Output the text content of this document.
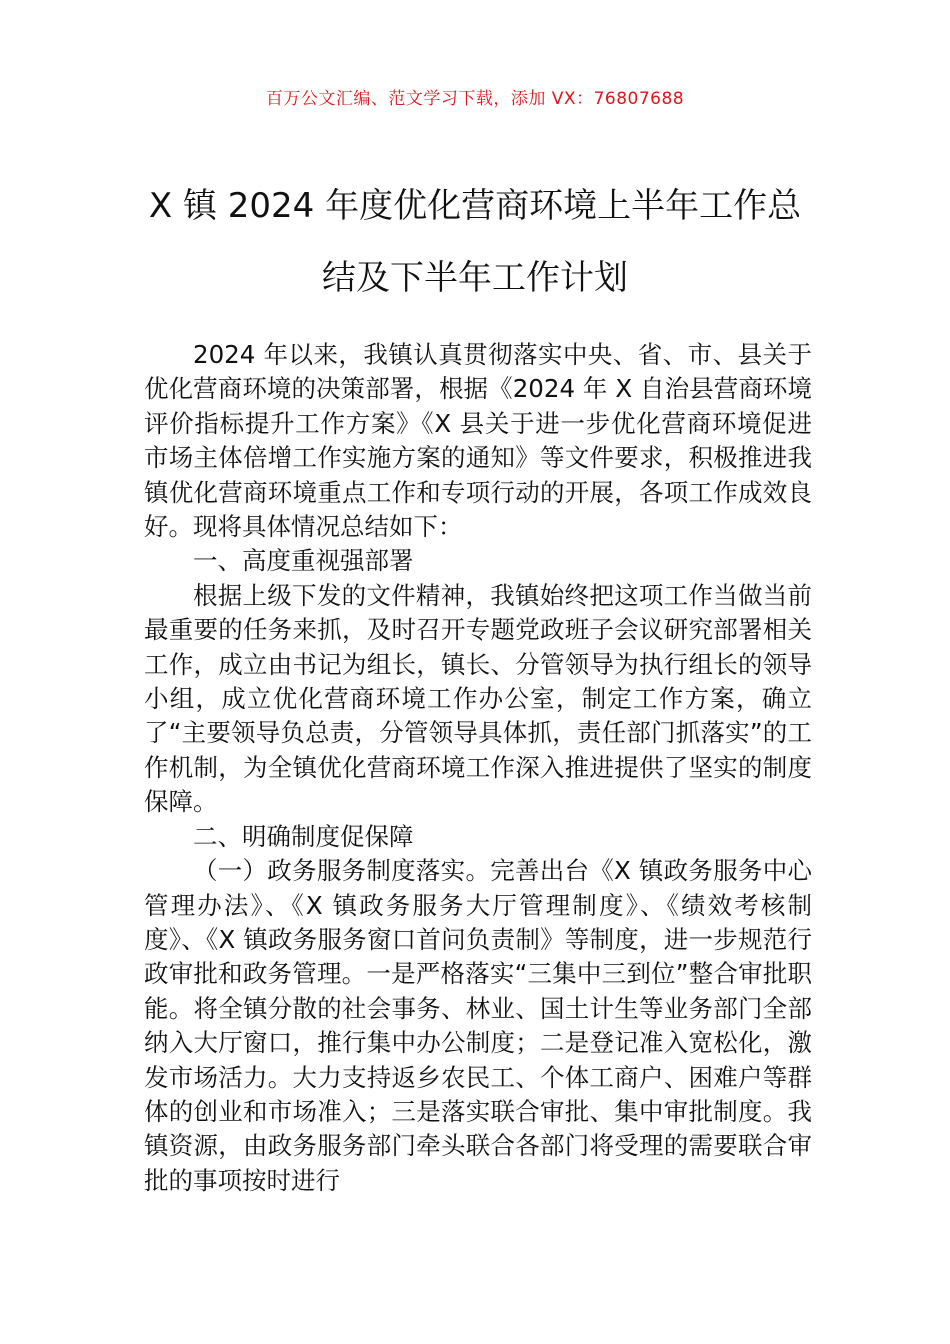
百万公文汇编、范文学习下载，添加 VX：76807688
X 镇 2024 年度优化营商环境上半年工作总
结及下半年工作计划

2024 年以来，我镇认真贯彻落实中央、省、市、县关于优化营商环境的决策部署，根据《2024 年 X 自治县营商环境评价指标提升工作方案》《X 县关于进一步优化营商环境促进市场主体倍增工作实施方案的通知》等文件要求，积极推进我镇优化营商环境重点工作和专项行动的开展，各项工作成效良好。现将具体情况总结如下：

一、高度重视强部署

根据上级下发的文件精神，我镇始终把这项工作当做当前最重要的任务来抓，及时召开专题党政班子会议研究部署相关工作，成立由书记为组长，镇长、分管领导为执行组长的领导小组，成立优化营商环境工作办公室，制定工作方案，确立了“主要领导负总责，分管领导具体抓，责任部门抓落实”的工作机制，为全镇优化营商环境工作深入推进提供了坚实的制度保障。

二、明确制度促保障

（一）政务服务制度落实。完善出台《X 镇政务服务中心管理办法》、《X 镇政务服务大厅管理制度》、《绩效考核制度》、《X 镇政务服务窗口首问负责制》等制度，进一步规范行政审批和政务管理。一是严格落实“三集中三到位”整合审批职能。将全镇分散的社会事务、林业、国土计生等业务部门全部纳入大厅窗口，推行集中办公制度；二是登记准入宽松化，激发市场活力。大力支持返乡农民工、个体工商户、困难户等群体的创业和市场准入；三是落实联合审批、集中审批制度。我镇资源，由政务服务部门牵头联合各部门将受理的需要联合审批的事项按时进行
